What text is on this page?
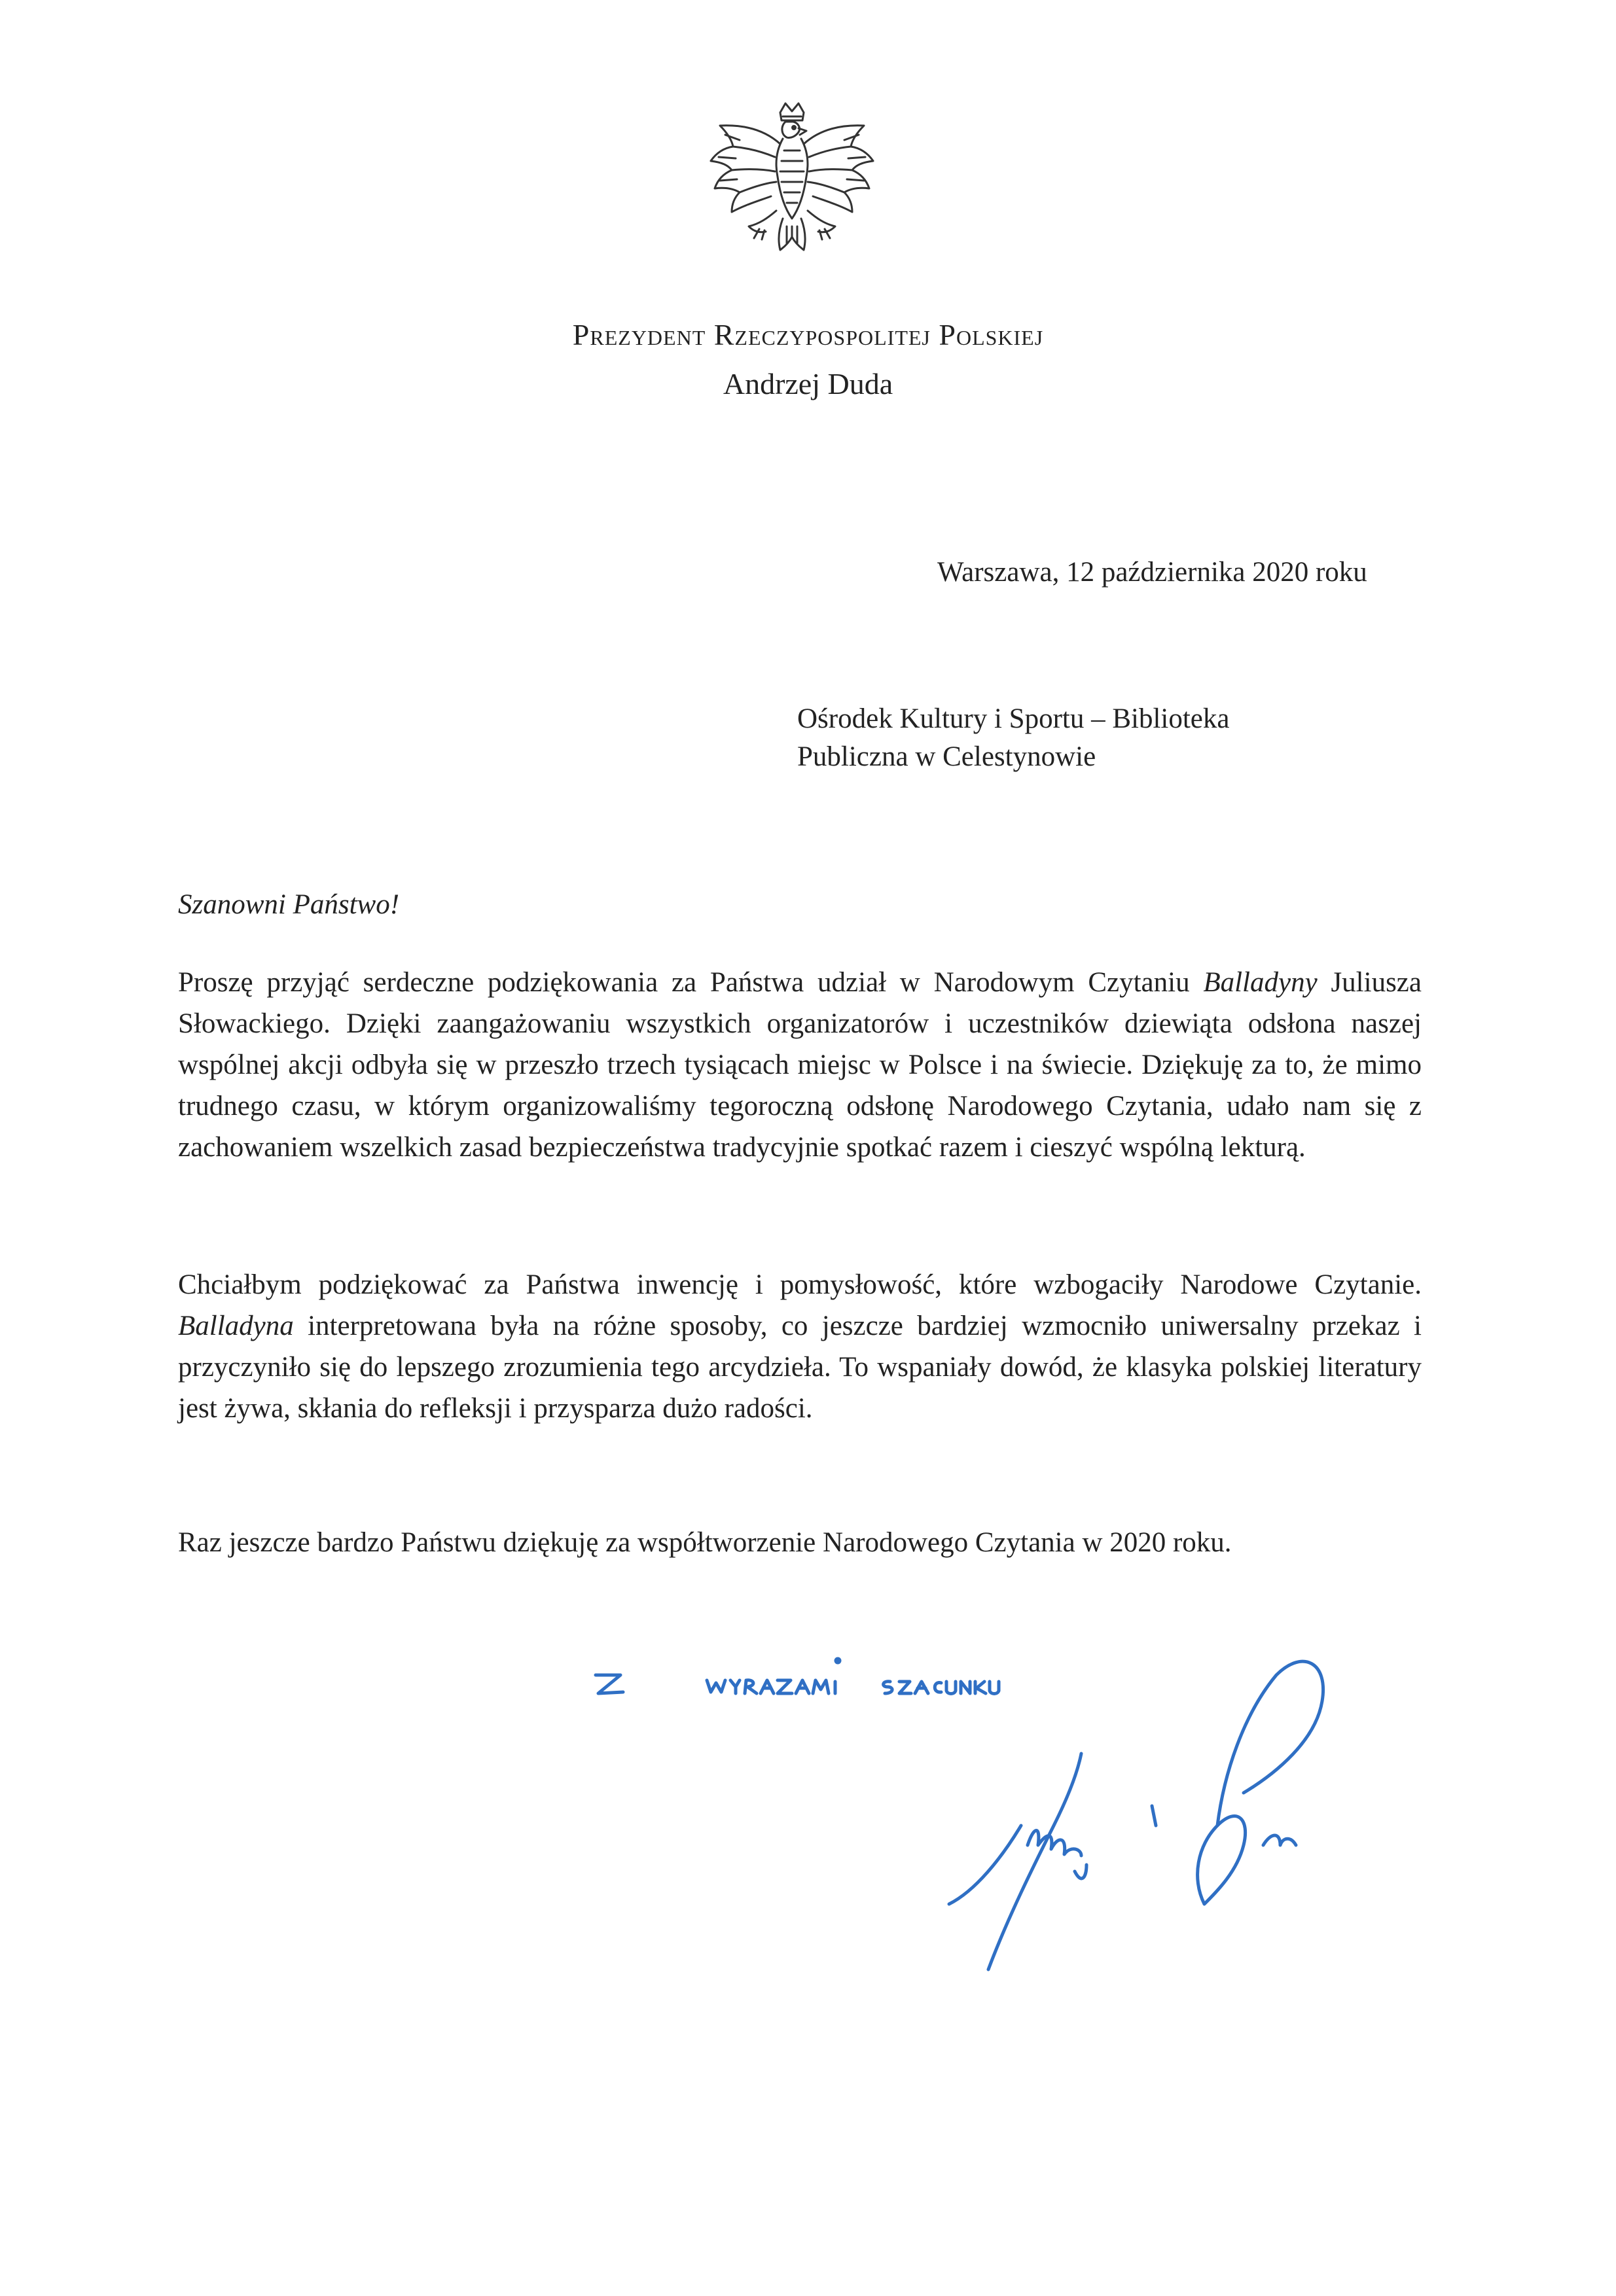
Prezydent Rzeczypospolitej Polskiej
Andrzej Duda
Warszawa, 12 października 2020 roku
Ośrodek Kultury i Sportu – Biblioteka
Publiczna w Celestynowie
Szanowni Państwo!

Proszę przyjąć serdeczne podziękowania za Państwa udział w Narodowym Czytaniu Balladyny Juliusza Słowackiego. Dzięki zaangażowaniu wszystkich organizatorów i uczestników dziewiąta odsłona naszej wspólnej akcji odbyła się w przeszło trzech tysiącach miejsc w Polsce i na świecie. Dziękuję za to, że mimo trudnego czasu, w którym organizowaliśmy tegoroczną odsłonę Narodowego Czytania, udało nam się z zachowaniem wszelkich zasad bezpieczeństwa tradycyjnie spotkać razem i cieszyć wspólną lekturą.

Chciałbym podziękować za Państwa inwencję i pomysłowość, które wzbogaciły Narodowe Czytanie. Balladyna interpretowana była na różne sposoby, co jeszcze bardziej wzmocniło uniwersalny przekaz i przyczyniło się do lepszego zrozumienia tego arcydzieła. To wspaniały dowód, że klasyka polskiej literatury jest żywa, skłania do refleksji i przysparza dużo radości.

Raz jeszcze bardzo Państwu dziękuję za współtworzenie Narodowego Czytania w 2020 roku.
